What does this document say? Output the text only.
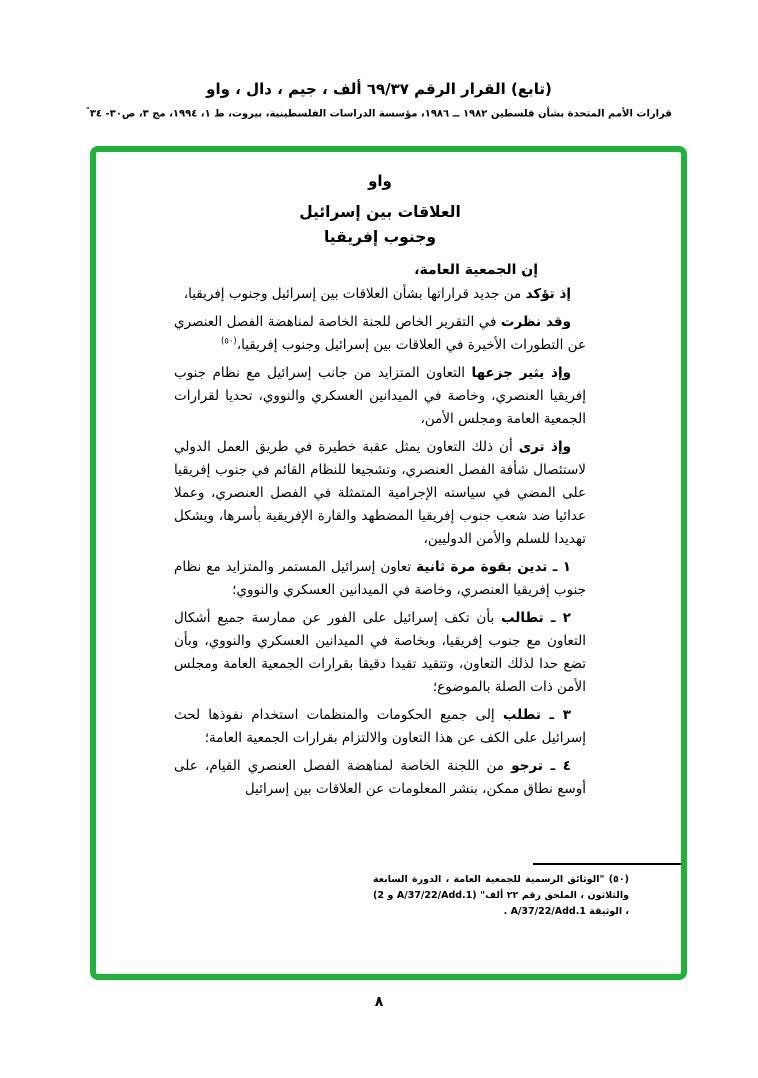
(تابع) القرار الرقم ٦٩/٣٧ ألف ، جيم ، دال ، واو
قرارات الأمم المتحدة بشأن فلسطين ١٩٨٢ ــ ١٩٨٦، مؤسسة الدراسات الفلسطينية، بيروت، ط ١، ١٩٩٤، مج ٣، ص٣٠- ٣٤"
واو
العلاقات بين إسرائيل
وجنوب إفريقيا

إن الجمعية العامة،

إذ تؤكد من جديد قراراتها بشأن العلاقات بين إسرائيل وجنوب إفريقيا،

وقد نظرت في التقرير الخاص للجنة الخاصة لمناهضة الفصل العنصري عن التطورات الأخيرة في العلاقات بين إسرائيل وجنوب إفريقيا،$^{(٥٠)}$

وإذ يثير جزعها التعاون المتزايد من جانب إسرائيل مع نظام جنوب إفريقيا العنصري، وخاصة في الميدانين العسكري والنووي، تحديا لقرارات الجمعية العامة ومجلس الأمن،

وإذ ترى أن ذلك التعاون يمثل عقبة خطيرة في طريق العمل الدولي لاستئصال شأفة الفصل العنصري، وتشجيعا للنظام القائم في جنوب إفريقيا على المضي في سياسته الإجرامية المتمثلة في الفصل العنصري، وعملا عدائيا ضد شعب جنوب إفريقيا المضطهد والقارة الإفريقية بأسرها، ويشكل تهديدا للسلم والأمن الدوليين،

١ ـ تدين بقوة مرة ثانية تعاون إسرائيل المستمر والمتزايد مع نظام جنوب إفريقيا العنصري، وخاصة في الميدانين العسكري والنووي؛

٢ ـ تطالب بأن تكف إسرائيل على الفور عن ممارسة جميع أشكال التعاون مع جنوب إفريقيا، وبخاصة في الميدانين العسكري والنووي، وبأن تضع حدا لذلك التعاون، وتتقيد تقيدا دقيقا بقرارات الجمعية العامة ومجلس الأمن ذات الصلة بالموضوع؛

٣ ـ تطلب إلى جميع الحكومات والمنظمات استخدام نفوذها لحث إسرائيل على الكف عن هذا التعاون والالتزام بقرارات الجمعية العامة؛

٤ ـ ترجو من اللجنة الخاصة لمناهضة الفصل العنصري القيام، على أوسع نطاق ممكن، بنشر المعلومات عن العلاقات بين إسرائيل

(٥٠) "الوثائق الرسمية للجمعية العامة ، الدورة السابعة والثلاثون ، الملحق رقم ٢٢ ألف" (A/37/22/Add.1 و 2) ، الوثيقة A/37/22/Add.1 .

٨
